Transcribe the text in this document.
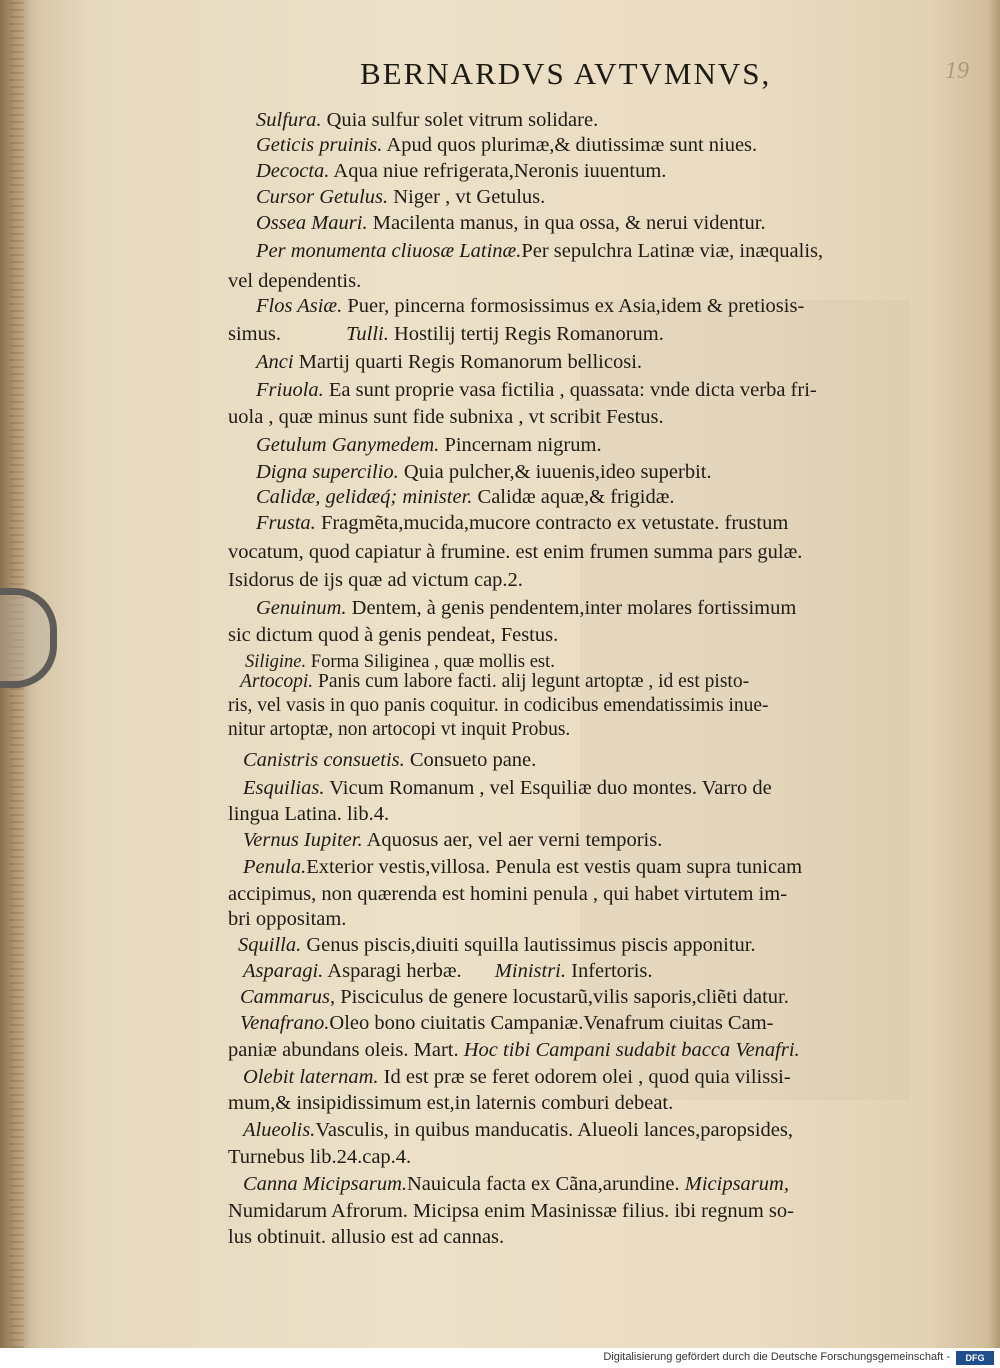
19
BERNARDVS AVTVMNVS,
Sulfura. Quia sulfur solet vitrum solidare.
Geticis pruinis. Apud quos plurimæ,& diutissimæ sunt niues.
Decocta. Aqua niue refrigerata,Neronis iuuentum.
Cursor Getulus. Niger , vt Getulus.
Ossea Mauri. Macilenta manus, in qua ossa, & nerui videntur.
Per monumenta cliuosæ Latinæ.Per sepulchra Latinæ viæ, inæqualis,
vel dependentis.
Flos Asiæ. Puer, pincerna formosissimus ex Asia,idem & pretiosis-
simus.	Tulli. Hostilij tertij Regis Romanorum.
Anci Martij quarti Regis Romanorum bellicosi.
Friuola. Ea sunt proprie vasa fictilia , quassata: vnde dicta verba fri-
uola , quæ minus sunt fide subnixa , vt scribit Festus.
Getulum Ganymedem. Pincernam nigrum.
Digna supercilio. Quia pulcher,& iuuenis,ideo superbit.
Calidæ, gelidæq́; minister. Calidæ aquæ,& frigidæ.
Frusta. Fragmẽta,mucida,mucore contracto ex vetustate. frustum
vocatum, quod capiatur à frumine. est enim frumen summa pars gulæ.
Isidorus de ijs quæ ad victum cap.2.
Genuinum. Dentem, à genis pendentem,inter molares fortissimum
sic dictum quod à genis pendeat, Festus.
Siligine. Forma Siliginea , quæ mollis est.
Artocopi. Panis cum labore facti. alij legunt artoptæ , id est pisto-
ris, vel vasis in quo panis coquitur. in codicibus emendatissimis inue-
nitur artoptæ, non artocopi vt inquit Probus.
Canistris consuetis. Consueto pane.
Esquilias. Vicum Romanum , vel Esquiliæ duo montes. Varro de
lingua Latina. lib.4.
Vernus Iupiter. Aquosus aer, vel aer verni temporis.
Penula.Exterior vestis,villosa. Penula est vestis quam supra tunicam
accipimus, non quærenda est homini penula , qui habet virtutem im-
bri oppositam.
Squilla. Genus piscis,diuiti squilla lautissimus piscis apponitur.
Asparagi. Asparagi herbæ. Ministri. Infertoris.
Cammarus, Pisciculus de genere locustarũ,vilis saporis,cliẽti datur.
Venafrano.Oleo bono ciuitatis Campaniæ.Venafrum ciuitas Cam-
paniæ abundans oleis. Mart. Hoc tibi Campani sudabit bacca Venafri.
Olebit laternam. Id est præ se feret odorem olei , quod quia vilissi-
mum,& insipidissimum est,in laternis comburi debeat.
Alueolis.Vasculis, in quibus manducatis. Alueoli lances,paropsides,
Turnebus lib.24.cap.4.
Canna Micipsarum.Nauicula facta ex Cãna,arundine. Micipsarum,
Numidarum Afrorum. Micipsa enim Masinissæ filius. ibi regnum so-
lus obtinuit. allusio est ad cannas.
Digitalisierung gefördert durch die Deutsche Forschungsgemeinschaft -	DFG
